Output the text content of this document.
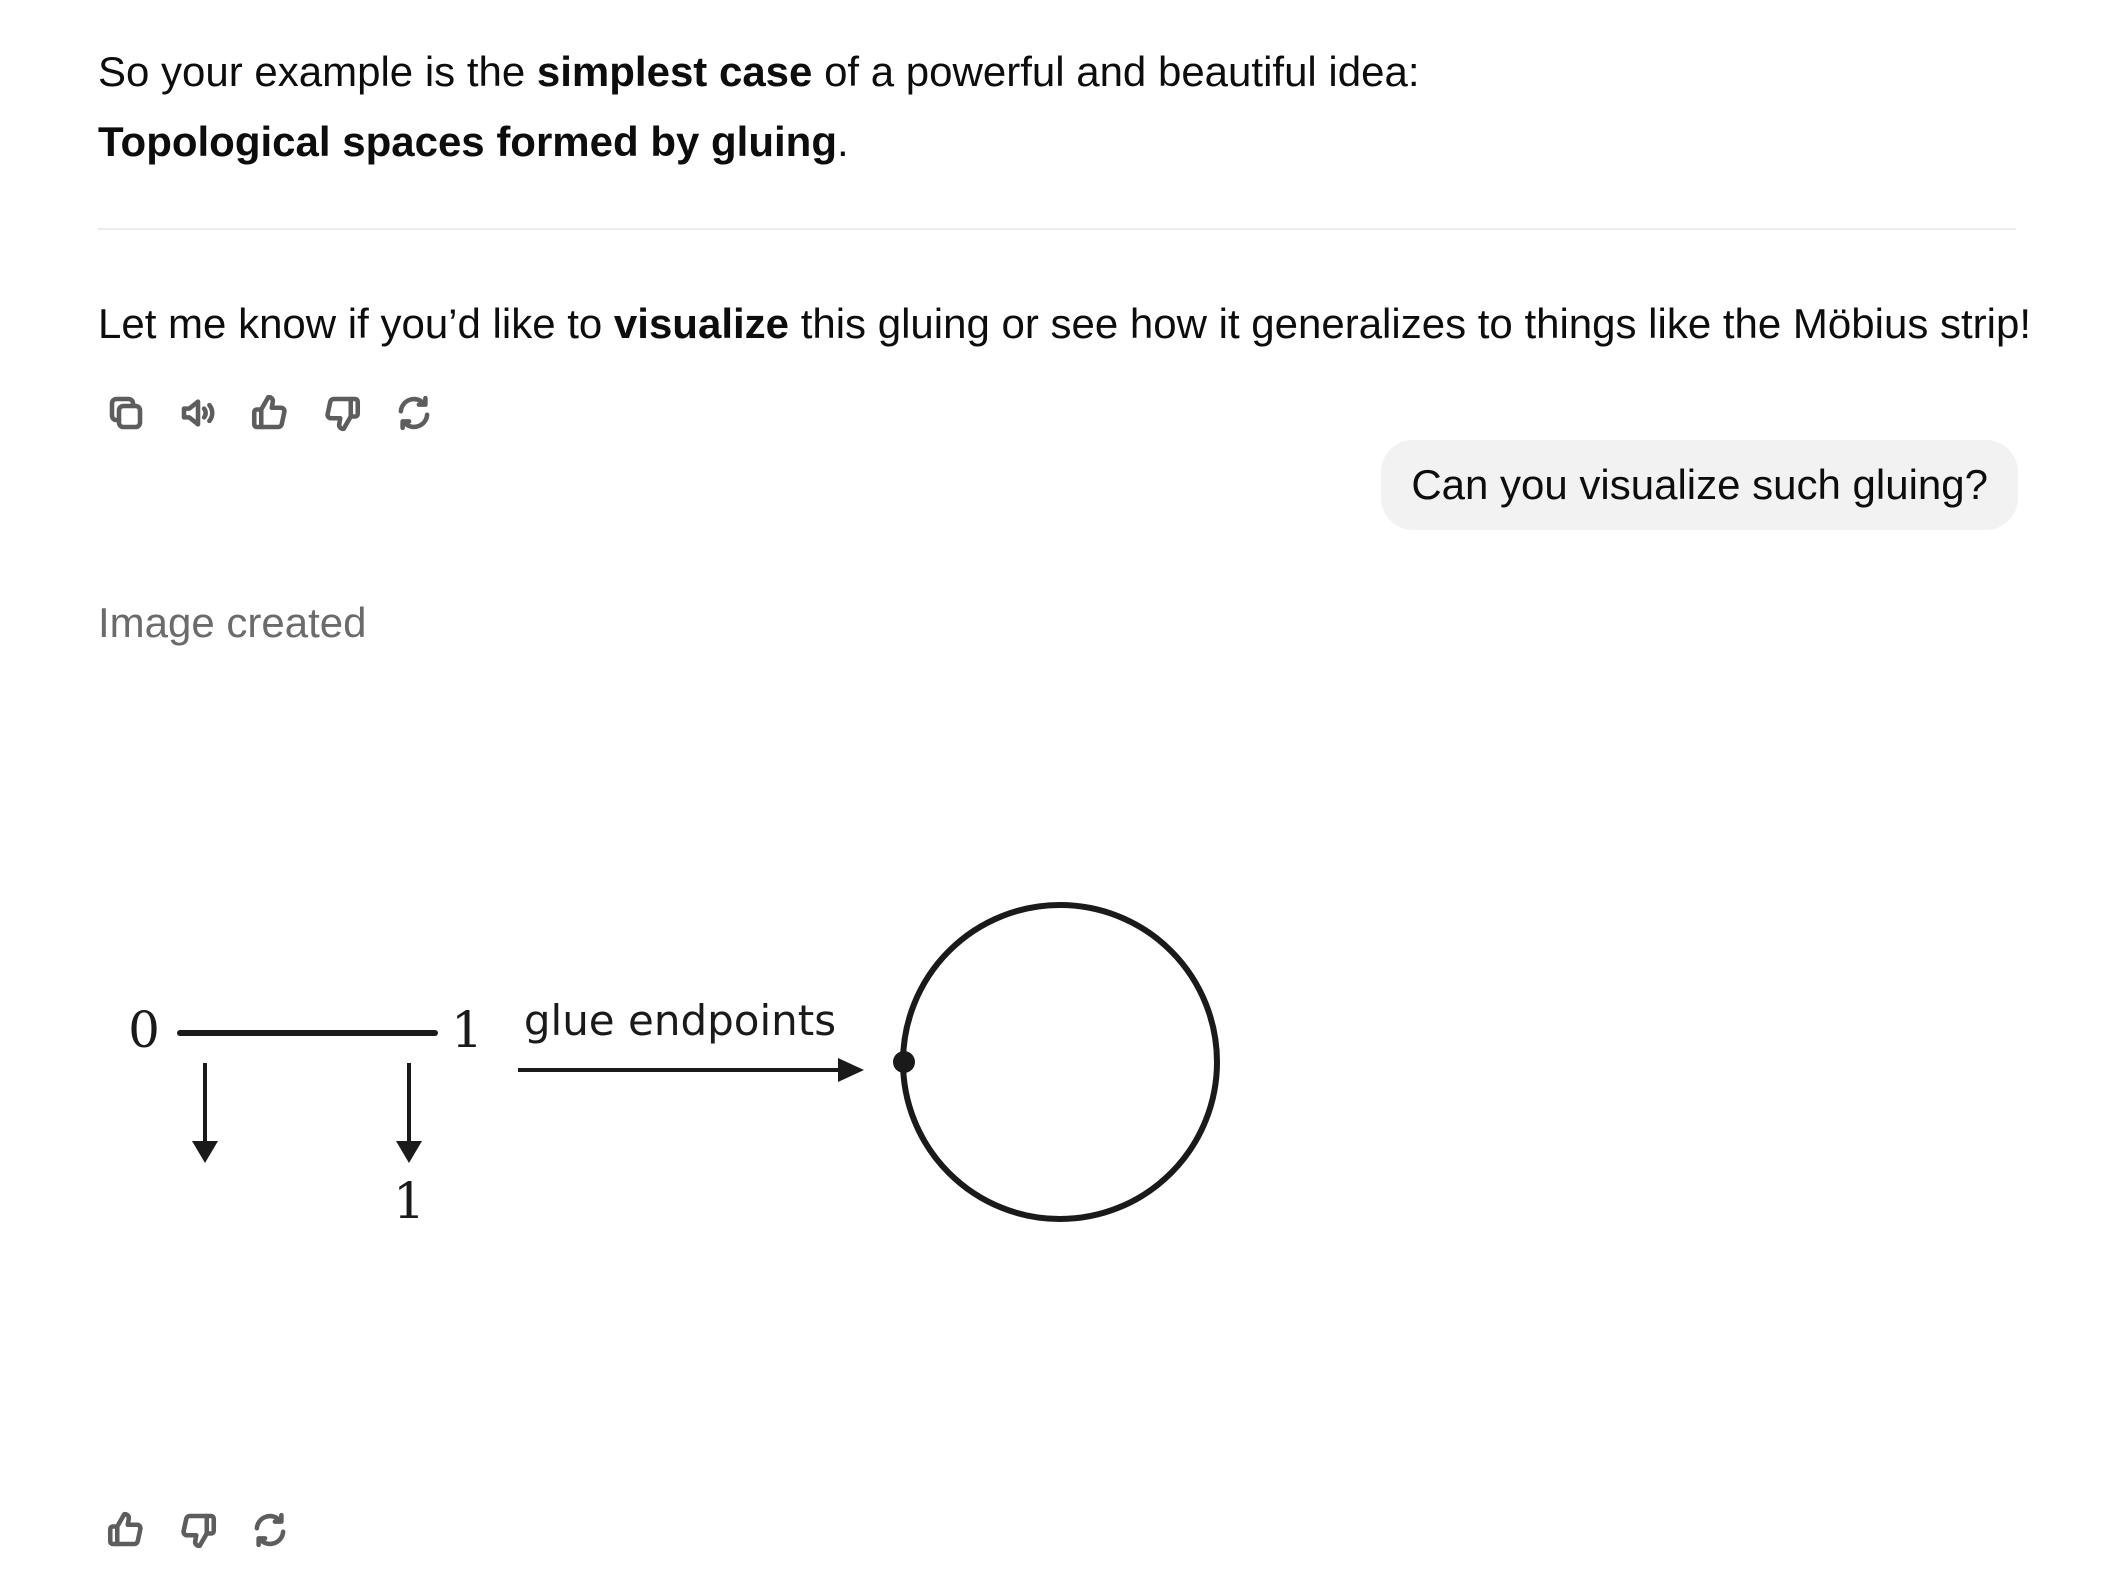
So your example is the simplest case of a powerful and beautiful idea:

Topological spaces formed by gluing.

Let me know if you’d like to visualize this gluing or see how it generalizes to things like the Möbius strip!

Can you visualize such gluing?
Image created
0	1
1
glue endpoints
